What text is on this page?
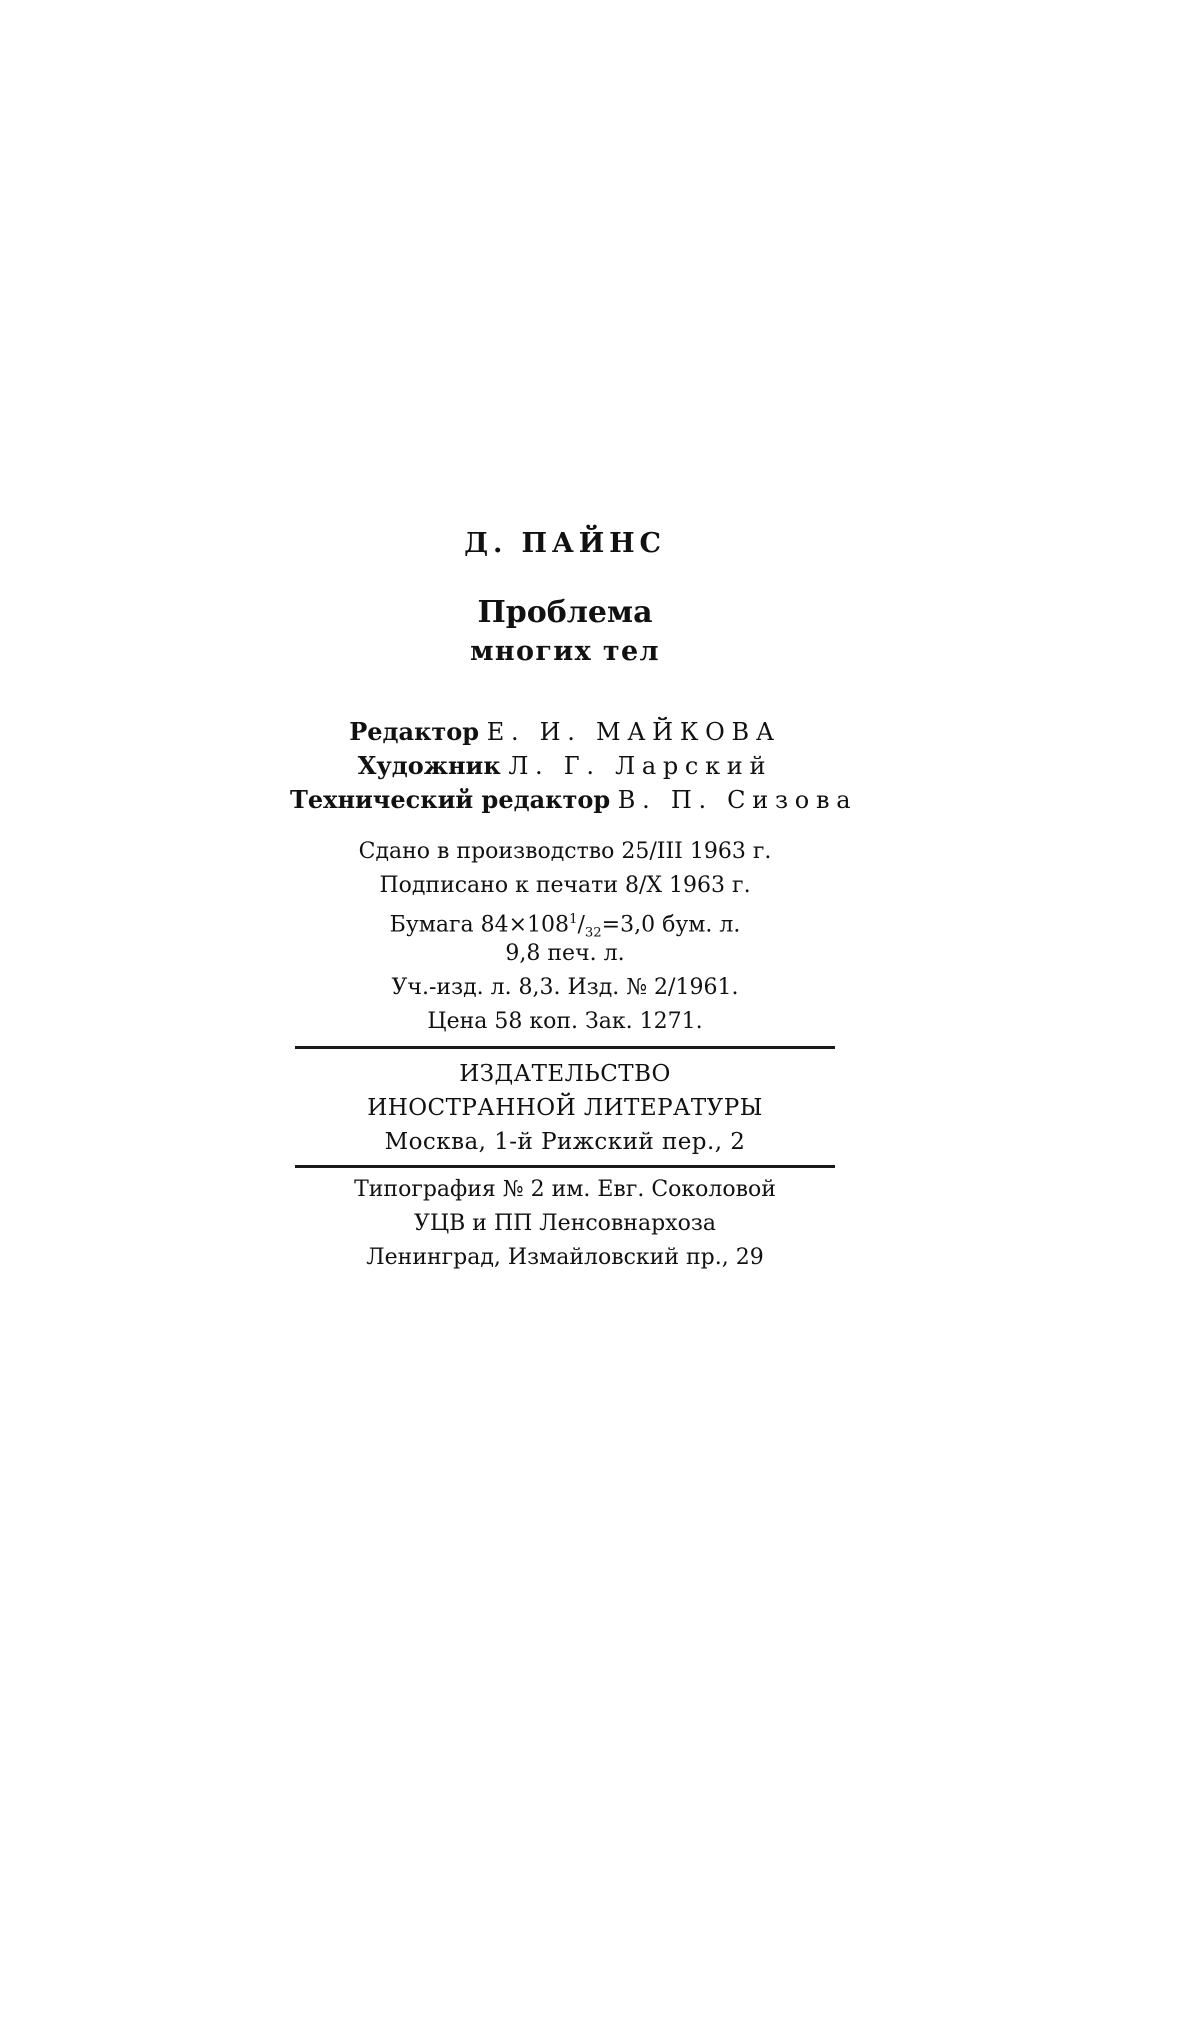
Д. ПАЙНС
Проблема
многих тел
Редактор Е. И. МАЙКОВА
Художник Л. Г. Ларский
Технический редактор В. П. Сизова
Сдано в производство 25/III 1963 г.
Подписано к печати 8/X 1963 г.
Бумага $84\times 108^1/_{32}=3,0$ бум. л.
9,8 печ. л.
Уч.-изд. л. 8,3. Изд. № 2/1961.
Цена 58 коп. Зак. 1271.
ИЗДАТЕЛЬСТВО
ИНОСТРАННОЙ ЛИТЕРАТУРЫ
Москва, 1-й Рижский пер., 2
Типография № 2 им. Евг. Соколовой
УЦВ и ПП Ленсовнархоза
Ленинград, Измайловский пр., 29
